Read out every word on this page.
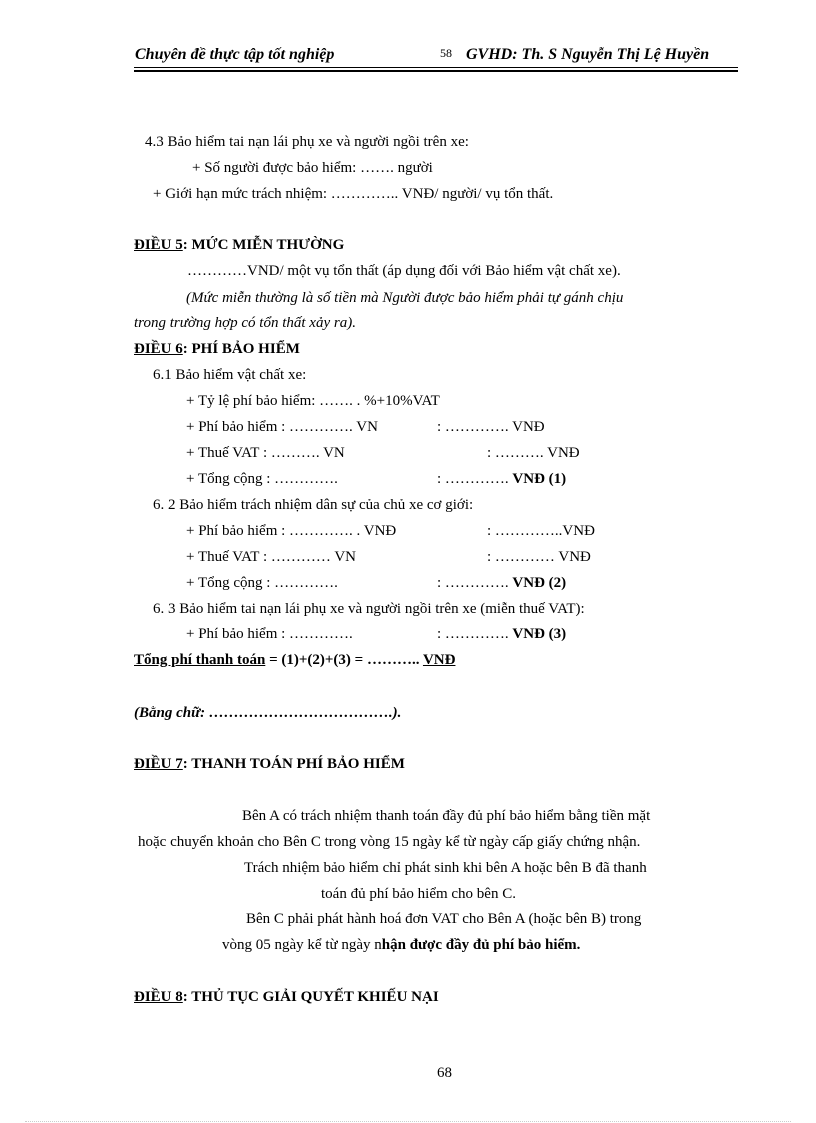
Chuyên đề thực tập tốt nghiệp	58 GVHD: Th. S Nguyễn Thị Lệ Huyền
4.3 Bảo hiểm tai nạn lái phụ xe và người ngồi trên xe:
+ Số người được bảo hiểm: ……. người
+ Giới hạn mức trách nhiệm: ………….. VNĐ/ người/ vụ tổn thất.
ĐIỀU 5: MỨC MIỄN THƯỜNG
…………VND/ một vụ tổn thất (áp dụng đối với Bảo hiểm vật chất xe).
(Mức miễn thường là số tiền mà Người được bảo hiểm phải tự gánh chịu
trong trường hợp có tổn thất xảy ra).
ĐIỀU 6: PHÍ BẢO HIỂM
6.1 Bảo hiểm vật chất xe:
+ Tỷ lệ phí bảo hiểm: ……. . %+10%VAT
+ Phí bảo hiểm : …………. VN	: …………. VNĐ
+ Thuế VAT : ………. VN	: ………. VNĐ
+ Tổng cộng : ………….	: …………. VNĐ (1)
6. 2 Bảo hiểm trách nhiệm dân sự của chủ xe cơ giới:
+ Phí bảo hiểm : …………. . VNĐ	: …………..VNĐ
+ Thuế VAT : ………… VN	: ………… VNĐ
+ Tổng cộng : ………….	: …………. VNĐ (2)
6. 3 Bảo hiểm tai nạn lái phụ xe và người ngồi trên xe (miễn thuế VAT):
+ Phí bảo hiểm : ………….	: …………. VNĐ (3)
Tổng phí thanh toán = (1)+(2)+(3) = ……….. VNĐ
(Bằng chữ: ……………………………….).
ĐIỀU 7: THANH TOÁN PHÍ BẢO HIỂM
Bên A có trách nhiệm thanh toán đầy đủ phí bảo hiểm bằng tiền mặt
hoặc chuyển khoản cho Bên C trong vòng 15 ngày kể từ ngày cấp giấy chứng nhận.
Trách nhiệm bảo hiểm chỉ phát sinh khi bên A hoặc bên B đã thanh
toán đủ phí bảo hiểm cho bên C.
Bên C phải phát hành hoá đơn VAT cho Bên A (hoặc bên B) trong
vòng 05 ngày kể từ ngày nhận được đầy đủ phí bảo hiểm.
ĐIỀU 8: THỦ TỤC GIẢI QUYẾT KHIẾU NẠI
68
